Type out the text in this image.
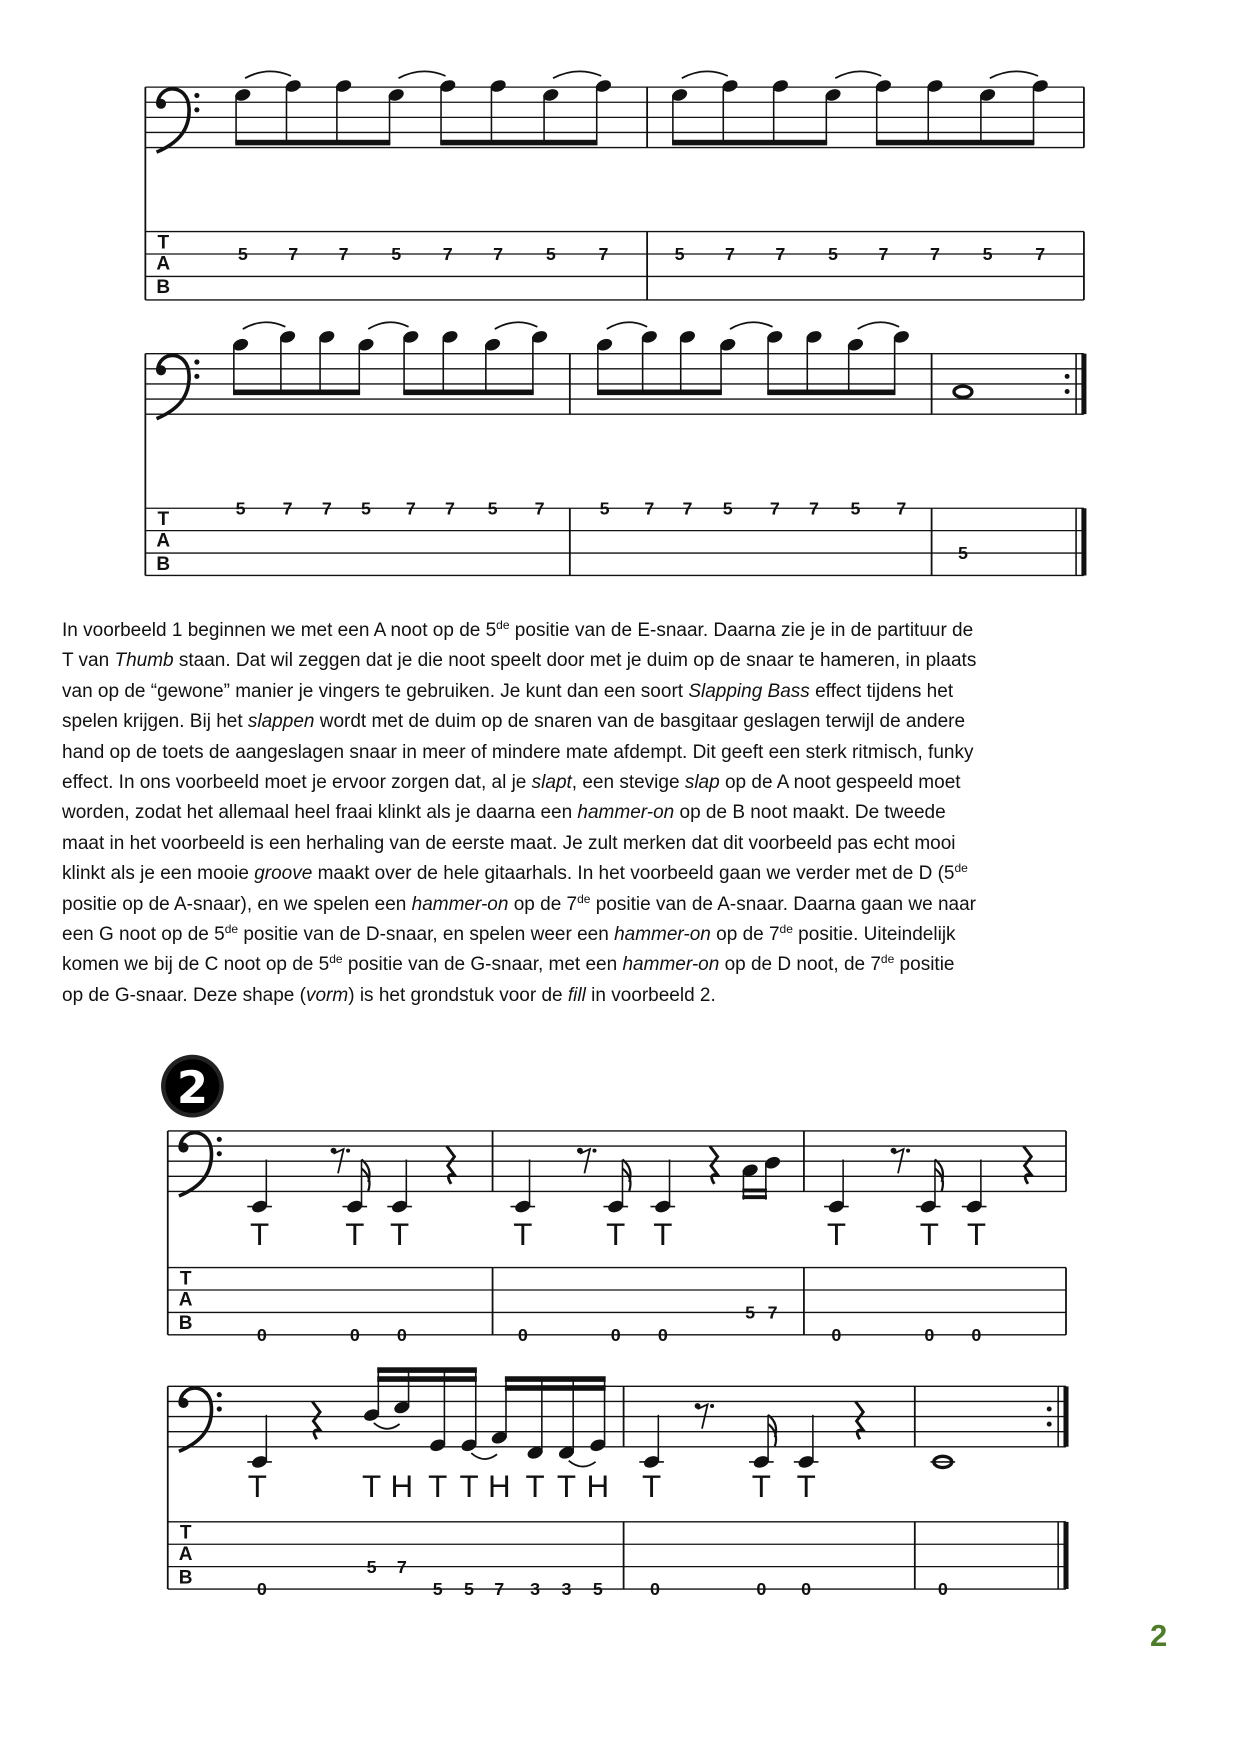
T
A
B
5	7	7	5	7	7	5	7	5	7	7	5	7	7	5	7
T
A
B
5 7 7 5 7 7 5 7	5 7 7 5 7 7 5 7
5
2
T
A
B
T	T T	T	T T	T	T T
0	0 0	0	0 0
5 7
0	0 0
T
A
B
T	T H T T H T T H T	T T
0
5 7
5 5 7 3 3 5	0	0 0	0
In voorbeeld 1 beginnen we met een A noot op de 5de positie van de E-snaar. Daarna zie je in de partituur de
T van Thumb staan. Dat wil zeggen dat je die noot speelt door met je duim op de snaar te hameren, in plaats
van op de “gewone” manier je vingers te gebruiken. Je kunt dan een soort Slapping Bass effect tijdens het
spelen krijgen. Bij het slappen wordt met de duim op de snaren van de basgitaar geslagen terwijl de andere
hand op de toets de aangeslagen snaar in meer of mindere mate afdempt. Dit geeft een sterk ritmisch, funky
effect. In ons voorbeeld moet je ervoor zorgen dat, al je slapt, een stevige slap op de A noot gespeeld moet
worden, zodat het allemaal heel fraai klinkt als je daarna een hammer-on op de B noot maakt. De tweede
maat in het voorbeeld is een herhaling van de eerste maat. Je zult merken dat dit voorbeeld pas echt mooi
klinkt als je een mooie groove maakt over de hele gitaarhals. In het voorbeeld gaan we verder met de D (5de
positie op de A-snaar), en we spelen een hammer-on op de 7de positie van de A-snaar. Daarna gaan we naar
een G noot op de 5de positie van de D-snaar, en spelen weer een hammer-on op de 7de positie. Uiteindelijk
komen we bij de C noot op de 5de positie van de G-snaar, met een hammer-on op de D noot, de 7de positie
op de G-snaar. Deze shape (vorm) is het grondstuk voor de fill in voorbeeld 2.
2
